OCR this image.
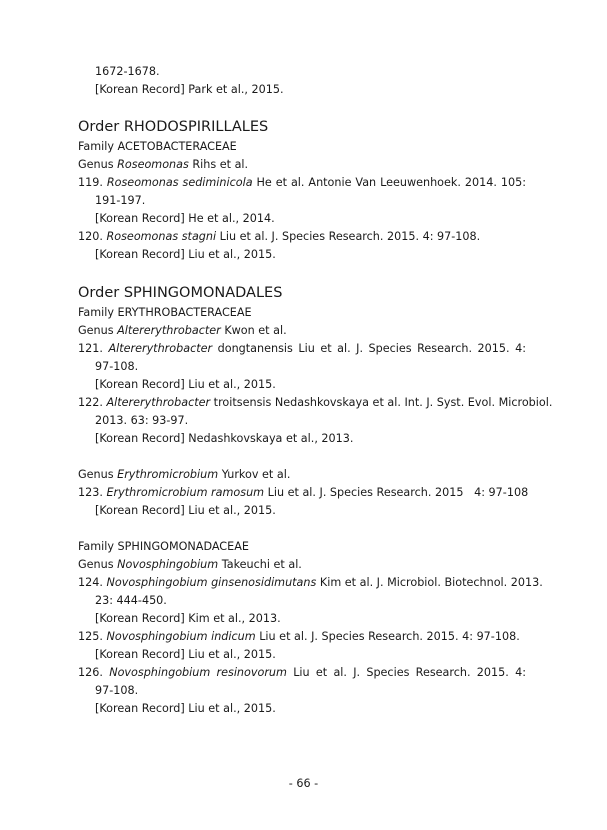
1672-1678.
[Korean Record] Park et al., 2015.
Order RHODOSPIRILLALES
Family ACETOBACTERACEAE
Genus Roseomonas Rihs et al.
119. Roseomonas sediminicola He et al. Antonie Van Leeuwenhoek. 2014. 105:
191-197.
[Korean Record] He et al., 2014.
120. Roseomonas stagni Liu et al. J. Species Research. 2015. 4: 97-108.
[Korean Record] Liu et al., 2015.
Order SPHINGOMONADALES
Family ERYTHROBACTERACEAE
Genus Altererythrobacter Kwon et al.
121. Altererythrobacter dongtanensis Liu et al. J. Species Research. 2015. 4:
97-108.
[Korean Record] Liu et al., 2015.
122. Altererythrobacter troitsensis Nedashkovskaya et al. Int. J. Syst. Evol. Microbiol.
2013. 63: 93-97.
[Korean Record] Nedashkovskaya et al., 2013.
Genus Erythromicrobium Yurkov et al.
123. Erythromicrobium ramosum Liu et al. J. Species Research. 2015   4: 97-108
[Korean Record] Liu et al., 2015.
Family SPHINGOMONADACEAE
Genus Novosphingobium Takeuchi et al.
124. Novosphingobium ginsenosidimutans Kim et al. J. Microbiol. Biotechnol. 2013.
23: 444-450.
[Korean Record] Kim et al., 2013.
125. Novosphingobium indicum Liu et al. J. Species Research. 2015. 4: 97-108.
[Korean Record] Liu et al., 2015.
126. Novosphingobium resinovorum Liu et al. J. Species Research. 2015. 4:
97-108.
[Korean Record] Liu et al., 2015.
- 66 -
